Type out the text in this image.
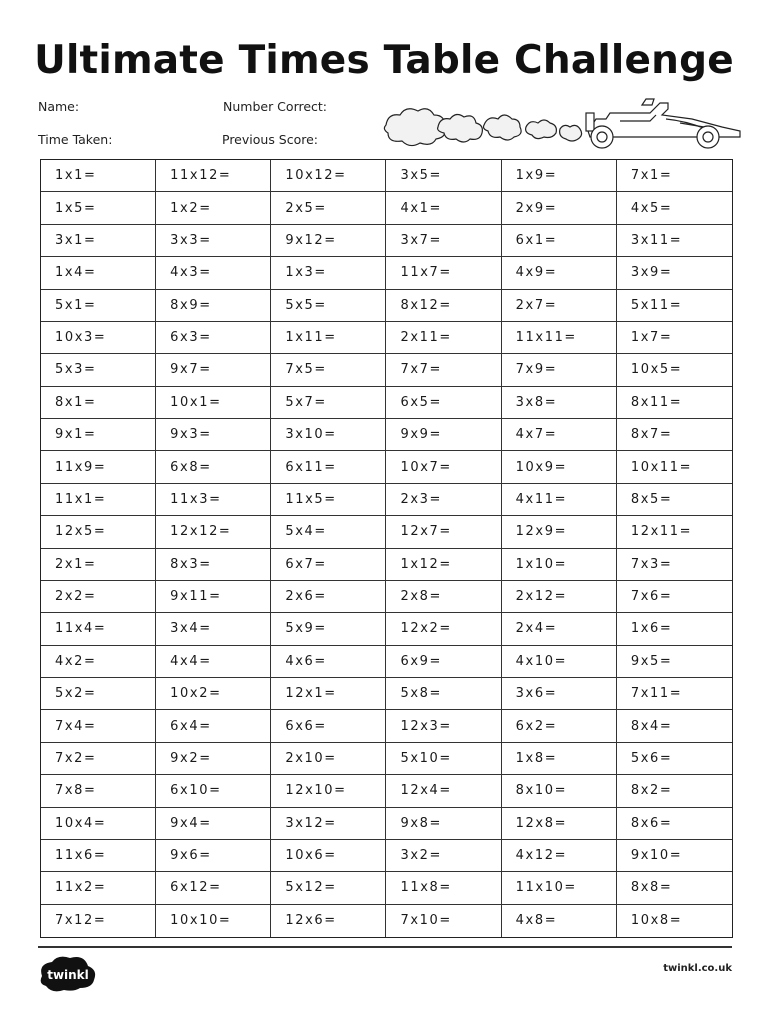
Ultimate Times Table Challenge
Name:	Number Correct:
Time Taken:	Previous Score:
1x1=	11x12=	10x12=	3x5=	1x9=	7x1=
1x5=	1x2=	2x5=	4x1=	2x9=	4x5=
3x1=	3x3=	9x12=	3x7=	6x1=	3x11=
1x4=	4x3=	1x3=	11x7=	4x9=	3x9=
5x1=	8x9=	5x5=	8x12=	2x7=	5x11=
10x3=	6x3=	1x11=	2x11=	11x11=	1x7=
5x3=	9x7=	7x5=	7x7=	7x9=	10x5=
8x1=	10x1=	5x7=	6x5=	3x8=	8x11=
9x1=	9x3=	3x10=	9x9=	4x7=	8x7=
11x9=	6x8=	6x11=	10x7=	10x9=	10x11=
11x1=	11x3=	11x5=	2x3=	4x11=	8x5=
12x5=	12x12=	5x4=	12x7=	12x9=	12x11=
2x1=	8x3=	6x7=	1x12=	1x10=	7x3=
2x2=	9x11=	2x6=	2x8=	2x12=	7x6=
11x4=	3x4=	5x9=	12x2=	2x4=	1x6=
4x2=	4x4=	4x6=	6x9=	4x10=	9x5=
5x2=	10x2=	12x1=	5x8=	3x6=	7x11=
7x4=	6x4=	6x6=	12x3=	6x2=	8x4=
7x2=	9x2=	2x10=	5x10=	1x8=	5x6=
7x8=	6x10=	12x10=	12x4=	8x10=	8x2=
10x4=	9x4=	3x12=	9x8=	12x8=	8x6=
11x6=	9x6=	10x6=	3x2=	4x12=	9x10=
11x2=	6x12=	5x12=	11x8=	11x10=	8x8=
7x12=	10x10=	12x6=	7x10=	4x8=	10x8=
twinkl	twinkl.co.uk
